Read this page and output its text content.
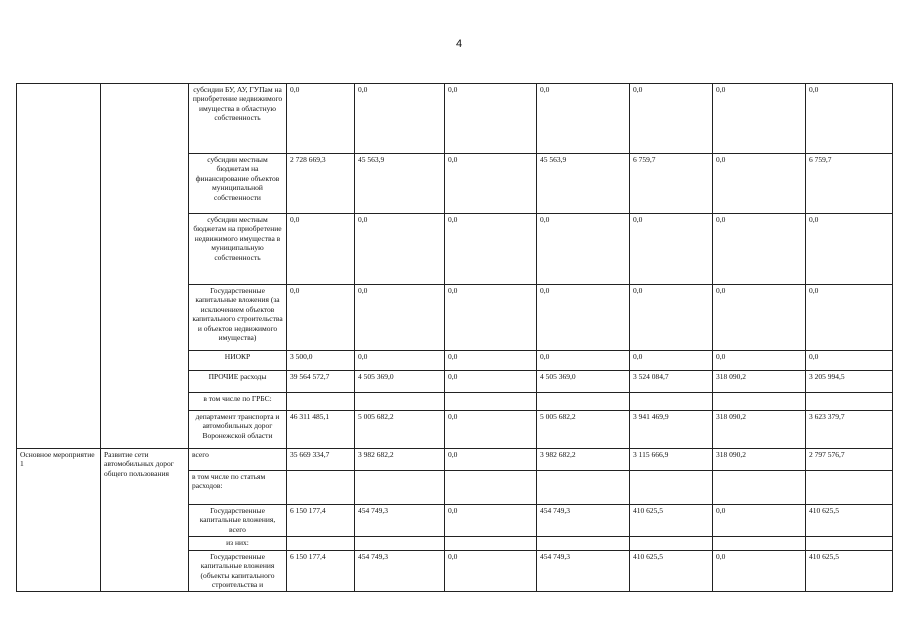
4
		субсидии БУ, АУ, ГУПам на приобретение недвижимого имущества в областную собственность	0,0	0,0	0,0	0,0	0,0	0,0	0,0
		субсидии местным бюджетам на финансирование объектов муниципальной собственности	2 728 669,3	45 563,9	0,0	45 563,9	6 759,7	0,0	6 759,7
		субсидии местным бюджетам на приобретение недвижимого имущества в муниципальную собственность	0,0	0,0	0,0	0,0	0,0	0,0	0,0
		Государственные капитальные вложения (за исключением объектов капитального строительства и объектов недвижимого имущества)	0,0	0,0	0,0	0,0	0,0	0,0	0,0
		НИОКР	3 500,0	0,0	0,0	0,0	0,0	0,0	0,0
		ПРОЧИЕ расходы	39 564 572,7	4 505 369,0	0,0	4 505 369,0	3 524 084,7	318 090,2	3 205 994,5
		в том числе по ГРБС:							
		департамент транспорта и автомобильных дорог Воронежской области	46 311 485,1	5 005 682,2	0,0	5 005 682,2	3 941 469,9	318 090,2	3 623 379,7
Основное мероприятие 1	Развитие сети автомобильных дорог общего пользования	всего	35 669 334,7	3 982 682,2	0,0	3 982 682,2	3 115 666,9	318 090,2	2 797 576,7
		в том числе по статьям расходов:							
		Государственные капитальные вложения, всего	6 150 177,4	454 749,3	0,0	454 749,3	410 625,5	0,0	410 625,5
		из них:							
		Государственные капитальные вложения (объекты капитального строительства и	6 150 177,4	454 749,3	0,0	454 749,3	410 625,5	0,0	410 625,5
